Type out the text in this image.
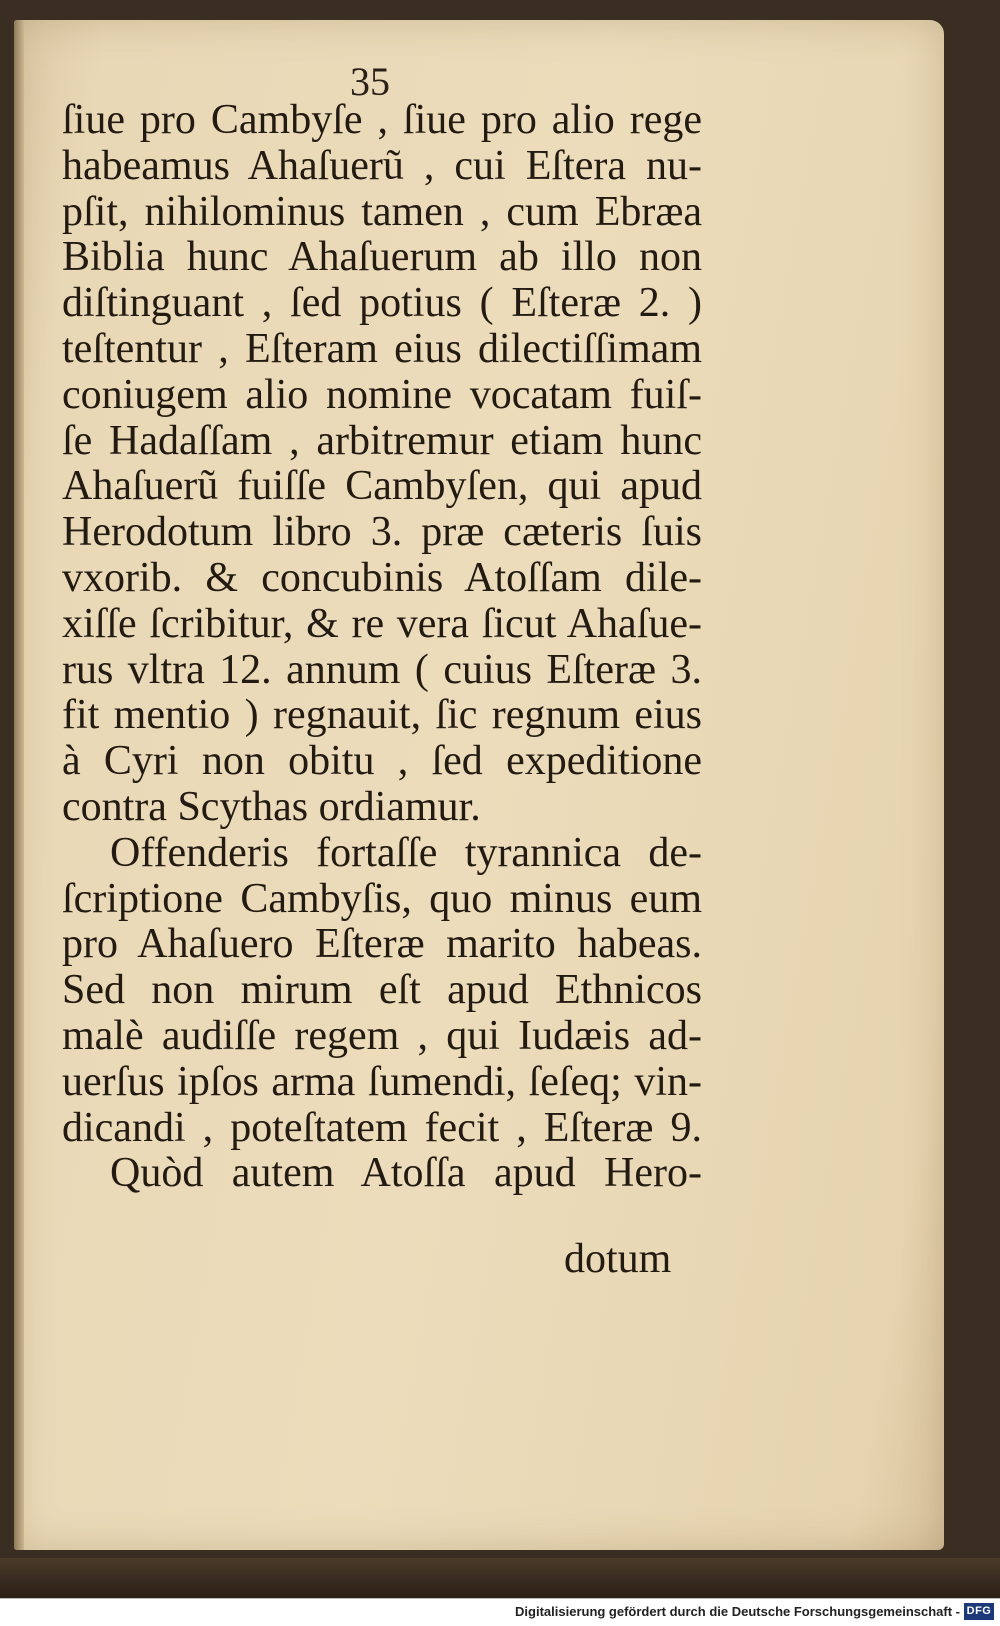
35
ſiue pro Cambyſe , ſiue pro alio rege
habeamus Ahaſuerũ , cui Eſtera nu-
pſit, nihilominus tamen , cum Ebræa
Biblia hunc Ahaſuerum ab illo non
diſtinguant , ſed potius ( Eſteræ 2. )
teſtentur , Eſteram eius dilectiſſimam
coniugem alio nomine vocatam fuiſ-
ſe Hadaſſam , arbitremur etiam hunc
Ahaſuerũ fuiſſe Cambyſen, qui apud
Herodotum libro 3. præ cæteris ſuis
vxorib. & concubinis Atoſſam dile-
xiſſe ſcribitur, & re vera ſicut Ahaſue-
rus vltra 12. annum ( cuius Eſteræ 3.
fit mentio ) regnauit, ſic regnum eius
à Cyri non obitu , ſed expeditione
contra Scythas ordiamur.
Offenderis fortaſſe tyrannica de-
ſcriptione Cambyſis, quo minus eum
pro Ahaſuero Eſteræ marito habeas.
Sed non mirum eſt apud Ethnicos
malè audiſſe regem , qui Iudæis ad-
uerſus ipſos arma ſumendi, ſeſeq; vin-
dicandi , poteſtatem fecit , Eſteræ 9.
Quòd autem Atoſſa apud Hero-
dotum
Digitalisierung gefördert durch die Deutsche Forschungsgemeinschaft - DFG
